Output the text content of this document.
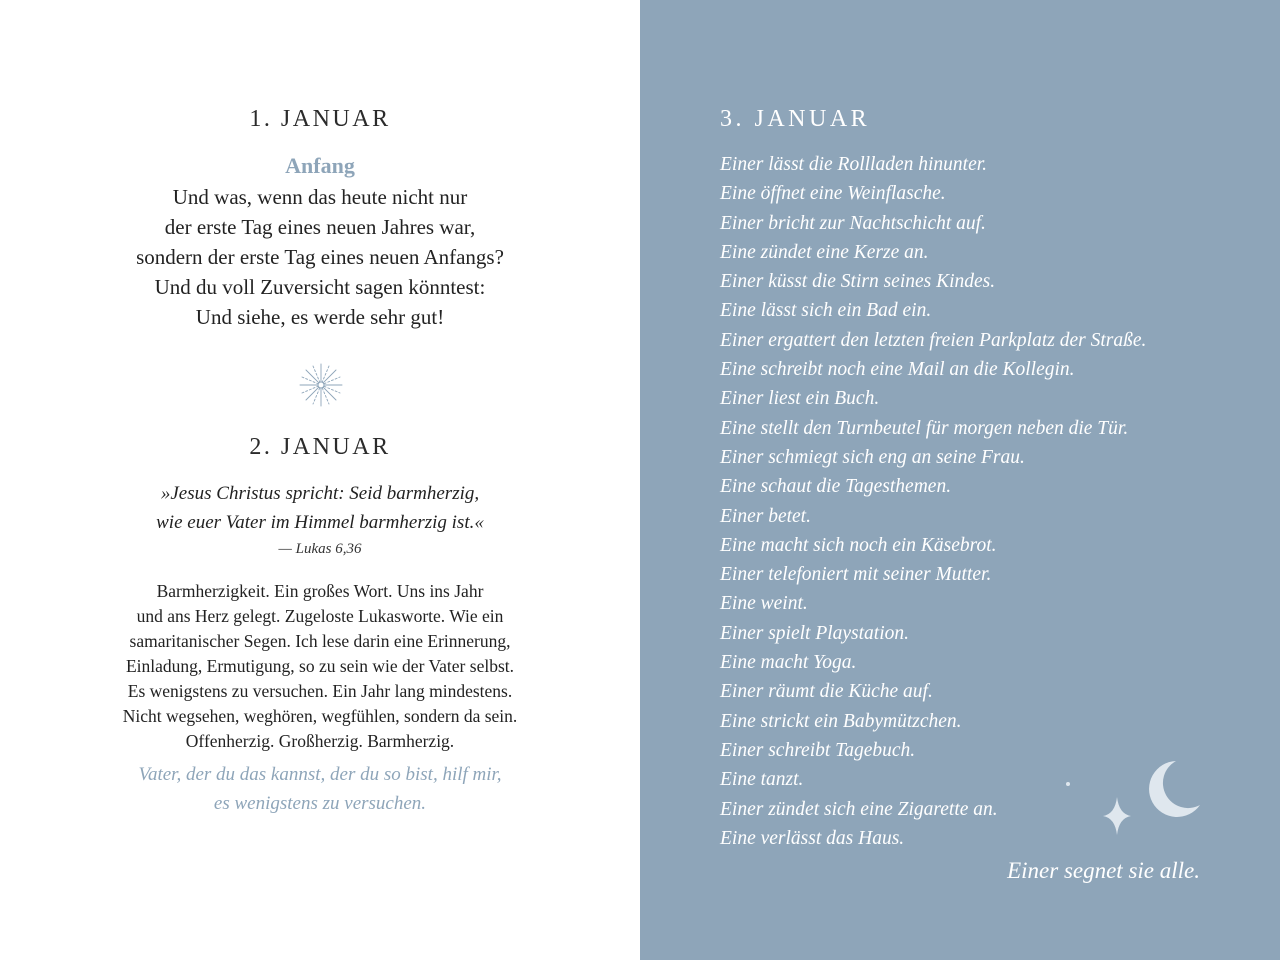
1. JANUAR
Anfang
Und was, wenn das heute nicht nur
der erste Tag eines neuen Jahres war,
sondern der erste Tag eines neuen Anfangs?
Und du voll Zuversicht sagen könntest:
Und siehe, es werde sehr gut!
2. JANUAR
»Jesus Christus spricht: Seid barmherzig,
wie euer Vater im Himmel barmherzig ist.«
— Lukas 6,36
Barmherzigkeit. Ein großes Wort. Uns ins Jahr
und ans Herz gelegt. Zugeloste Lukasworte. Wie ein
samaritanischer Segen. Ich lese darin eine Erinnerung,
Einladung, Ermutigung, so zu sein wie der Vater selbst.
Es wenigstens zu versuchen. Ein Jahr lang mindestens.
Nicht wegsehen, weghören, wegfühlen, sondern da sein.
Offenherzig. Großherzig. Barmherzig.
Vater, der du das kannst, der du so bist, hilf mir,
es wenigstens zu versuchen.
3. JANUAR
Einer lässt die Rollladen hinunter.
Eine öffnet eine Weinflasche.
Einer bricht zur Nachtschicht auf.
Eine zündet eine Kerze an.
Einer küsst die Stirn seines Kindes.
Eine lässt sich ein Bad ein.
Einer ergattert den letzten freien Parkplatz der Straße.
Eine schreibt noch eine Mail an die Kollegin.
Einer liest ein Buch.
Eine stellt den Turnbeutel für morgen neben die Tür.
Einer schmiegt sich eng an seine Frau.
Eine schaut die Tagesthemen.
Einer betet.
Eine macht sich noch ein Käsebrot.
Einer telefoniert mit seiner Mutter.
Eine weint.
Einer spielt Playstation.
Eine macht Yoga.
Einer räumt die Küche auf.
Eine strickt ein Babymützchen.
Einer schreibt Tagebuch.
Eine tanzt.
Einer zündet sich eine Zigarette an.
Eine verlässt das Haus.
Einer segnet sie alle.
